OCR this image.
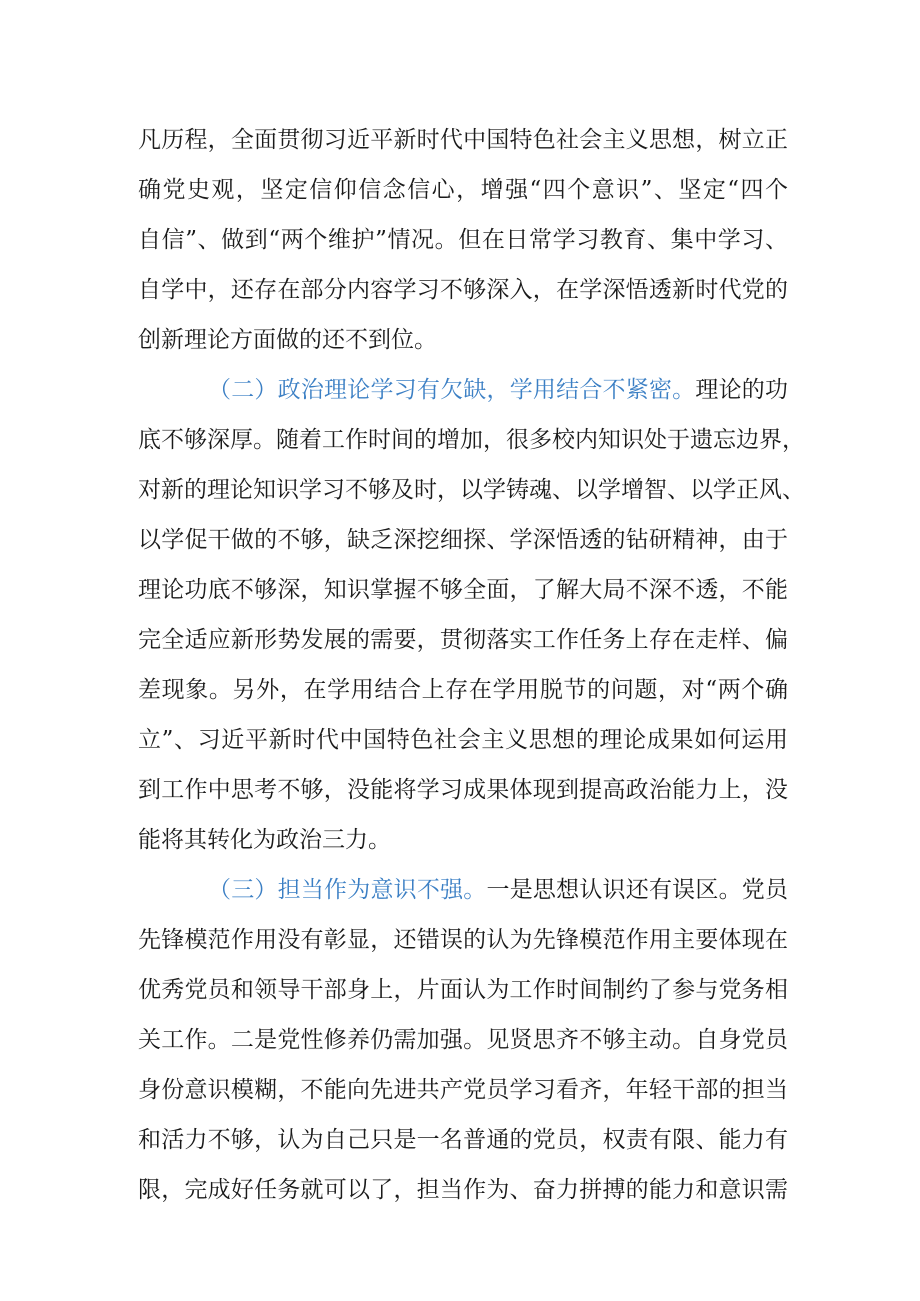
凡历程，全面贯彻习近平新时代中国特色社会主义思想，树立正
确党史观，坚定信仰信念信心，增强“四个意识”、坚定“四个
自信”、做到“两个维护”情况。但在日常学习教育、集中学习、
自学中，还存在部分内容学习不够深入，在学深悟透新时代党的
创新理论方面做的还不到位。
（二）政治理论学习有欠缺，学用结合不紧密。理论的功
底不够深厚。随着工作时间的增加，很多校内知识处于遗忘边界，
对新的理论知识学习不够及时，以学铸魂、以学增智、以学正风、
以学促干做的不够，缺乏深挖细探、学深悟透的钻研精神，由于
理论功底不够深，知识掌握不够全面，了解大局不深不透，不能
完全适应新形势发展的需要，贯彻落实工作任务上存在走样、偏
差现象。另外，在学用结合上存在学用脱节的问题，对“两个确
立”、习近平新时代中国特色社会主义思想的理论成果如何运用
到工作中思考不够，没能将学习成果体现到提高政治能力上，没
能将其转化为政治三力。
（三）担当作为意识不强。一是思想认识还有误区。党员
先锋模范作用没有彰显，还错误的认为先锋模范作用主要体现在
优秀党员和领导干部身上，片面认为工作时间制约了参与党务相
关工作。二是党性修养仍需加强。见贤思齐不够主动。自身党员
身份意识模糊，不能向先进共产党员学习看齐，年轻干部的担当
和活力不够，认为自己只是一名普通的党员，权责有限、能力有
限，完成好任务就可以了，担当作为、奋力拼搏的能力和意识需
